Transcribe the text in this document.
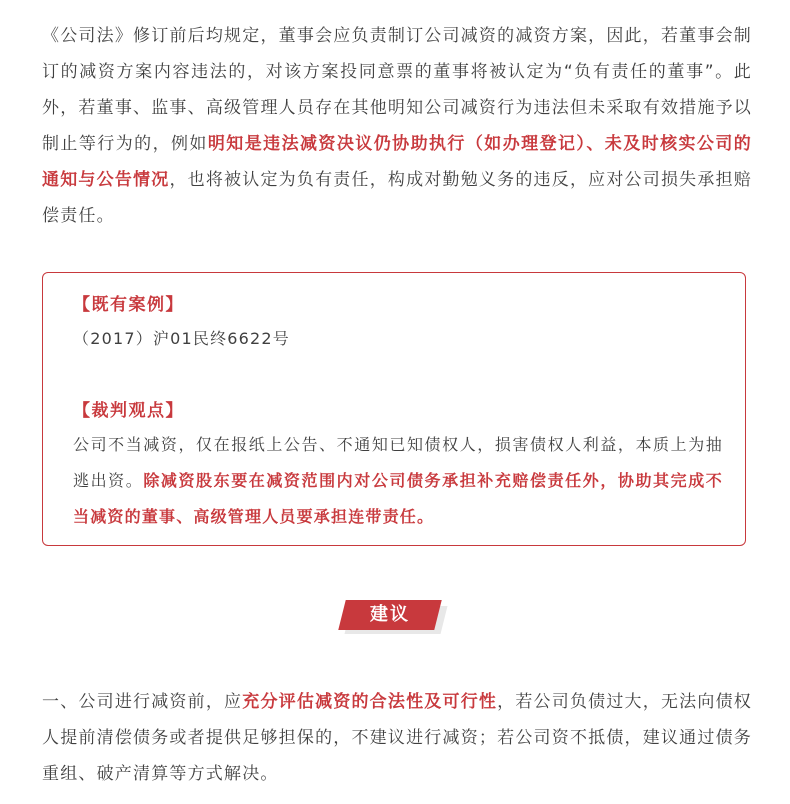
《公司法》修订前后均规定，董事会应负责制订公司减资的减资方案，因此，若董事会制订的减资方案内容违法的，对该方案投同意票的董事将被认定为“负有责任的董事”。此外，若董事、监事、高级管理人员存在其他明知公司减资行为违法但未采取有效措施予以制止等行为的，例如明知是违法减资决议仍协助执行（如办理登记）、未及时核实公司的通知与公告情况，也将被认定为负有责任，构成对勤勉义务的违反，应对公司损失承担赔偿责任。

【既有案例】
（2017）沪01民终6622号
【裁判观点】
公司不当减资，仅在报纸上公告、不通知已知债权人，损害债权人利益，本质上为抽逃出资。除减资股东要在减资范围内对公司债务承担补充赔偿责任外，协助其完成不当减资的董事、高级管理人员要承担连带责任。
建议

一、公司进行减资前，应充分评估减资的合法性及可行性，若公司负债过大，无法向债权人提前清偿债务或者提供足够担保的，不建议进行减资；若公司资不抵债，建议通过债务重组、破产清算等方式解决。
